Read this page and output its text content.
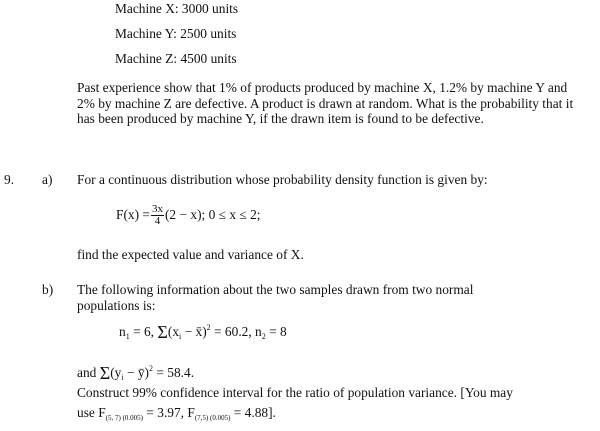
Machine X: 3000 units
Machine Y: 2500 units
Machine Z: 4500 units
Past experience show that 1% of products produced by machine X, 1.2% by machine Y and 2% by machine Z are defective. A product is drawn at random. What is the probability that it has been produced by machine Y, if the drawn item is found to be defective.
9. a) For a continuous distribution whose probability density function is given by:
$F(x) = \frac{3x}{4} (2 - x)$; 0 ≤ x ≤ 2;
find the expected value and variance of X.
b) The following information about the two samples drawn from two normal populations is:
$n_1 = 6$, $\Sigma(x_i$ − x̄)$^2$ = 60.2, $n_2 = 8$
and $\Sigma(y_i$ − ȳ)$^2$ = 58.4.
Construct 99% confidence interval for the ratio of population variance. [You may
use $F_{(5, 7) (0.005)} = 3.97$, $F_{(7,5) (0.005)} = 4.88$].
